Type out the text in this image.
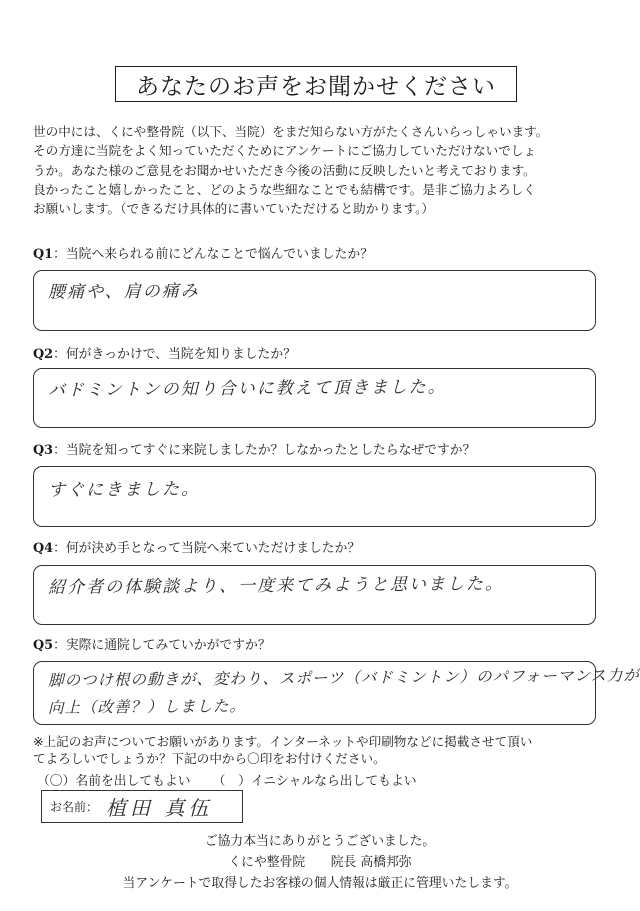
あなたのお声をお聞かせください
世の中には、くにや整骨院（以下、当院）をまだ知らない方がたくさんいらっしゃいます。
その方達に当院をよく知っていただくためにアンケートにご協力していただけないでしょ
うか。あなた様のご意見をお聞かせいただき今後の活動に反映したいと考えております。
良かったこと嬉しかったこと、どのような些細なことでも結構です。是非ご協力よろしく
お願いします。（できるだけ具体的に書いていただけると助かります。）
Q1：当院へ来られる前にどんなことで悩んでいましたか？
腰痛や、肩の痛み
Q2：何がきっかけで、当院を知りましたか？
バドミントンの知り合いに教えて頂きました。
Q3：当院を知ってすぐに来院しましたか？しなかったとしたらなぜですか？
すぐにきました。
Q4：何が決め手となって当院へ来ていただけましたか？
紹介者の体験談より、一度来てみようと思いました。
Q5：実際に通院してみていかがですか？
脚のつけ根の動きが、変わり、スポーツ（バドミントン）のパフォーマンス力が
向上（改善？）しました。
※上記のお声についてお願いがあります。インターネットや印刷物などに掲載させて頂い
てよろしいでしょうか？下記の中から〇印をお付けください。
（〇）名前を出してもよい （　）イニシャルなら出してもよい
お名前： 植田 真伍
ご協力本当にありがとうございました。
くにや整骨院　　院長 高橋邦弥
当アンケートで取得したお客様の個人情報は厳正に管理いたします。
